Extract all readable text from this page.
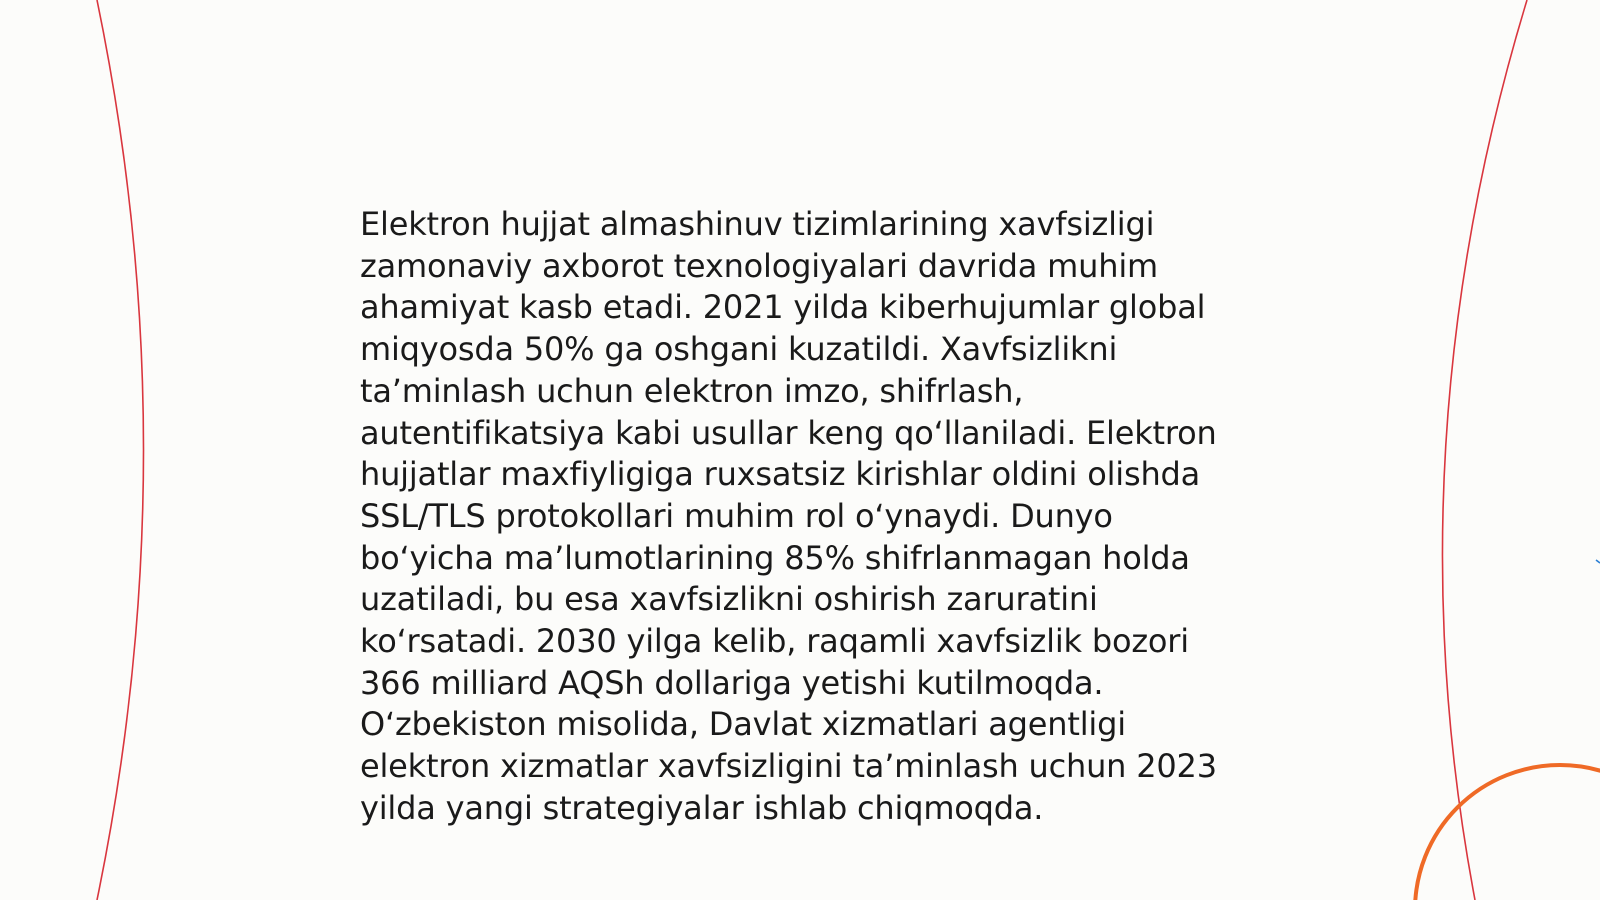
Elektron hujjat almashinuv tizimlarining xavfsizligi zamonaviy axborot texnologiyalari davrida muhim ahamiyat kasb etadi. 2021 yilda kiberhujumlar global miqyosda 50% ga oshgani kuzatildi. Xavfsizlikni ta’minlash uchun elektron imzo, shifrlash, autentifikatsiya kabi usullar keng qo‘llaniladi. Elektron hujjatlar maxfiyligiga ruxsatsiz kirishlar oldini olishda SSL/TLS protokollari muhim rol o‘ynaydi. Dunyo bo‘yicha ma’lumotlarining 85% shifrlanmagan holda uzatiladi, bu esa xavfsizlikni oshirish zaruratini ko‘rsatadi. 2030 yilga kelib, raqamli xavfsizlik bozori 366 milliard AQSh dollariga yetishi kutilmoqda. O‘zbekiston misolida, Davlat xizmatlari agentligi elektron xizmatlar xavfsizligini ta’minlash uchun 2023 yilda yangi strategiyalar ishlab chiqmoqda.
